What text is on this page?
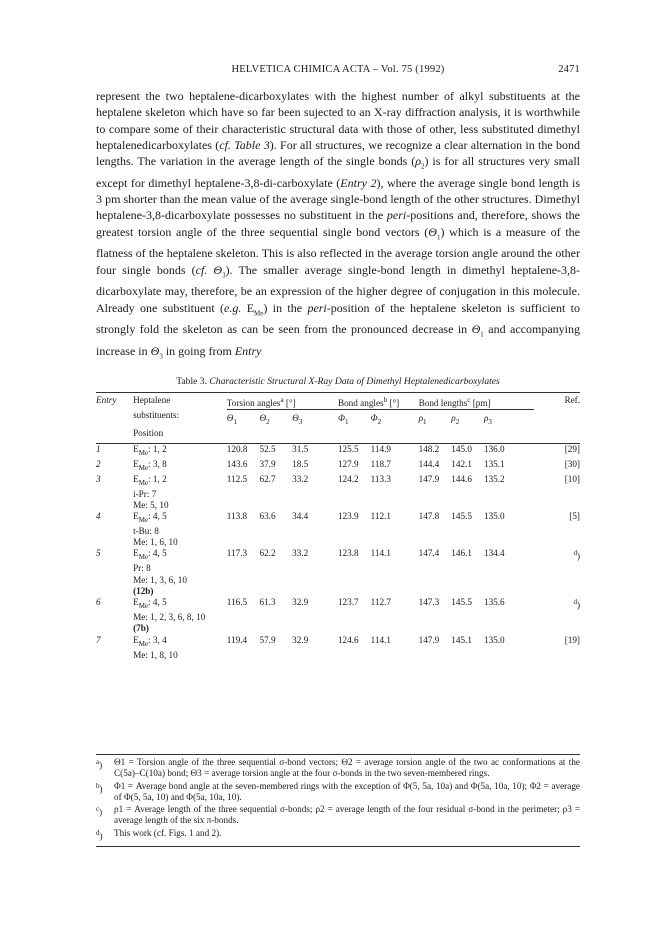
HELVETICA CHIMICA ACTA – Vol. 75 (1992)	2471
represent the two heptalene-dicarboxylates with the highest number of alkyl substituents at the heptalene skeleton which have so far been sujected to an X-ray diffraction analysis, it is worthwhile to compare some of their characteristic structural data with those of other, less substituted dimethyl heptalenedicarboxylates (cf. Table 3). For all structures, we recognize a clear alternation in the bond lengths. The variation in the average length of the single bonds $(\rho_2)$ is for all structures very small except for dimethyl heptalene-3,8-di-carboxylate (Entry 2), where the average single bond length is 3 pm shorter than the mean value of the average single-bond length of the other structures. Dimethyl heptalene-3,8-dicarboxylate possesses no substituent in the peri-positions and, therefore, shows the greatest torsion angle of the three sequential single bond vectors $(\Theta_1)$ which is a measure of the flatness of the heptalene skeleton. This is also reflected in the average torsion angle around the other four single bonds (cf. $\Theta_3$). The smaller average single-bond length in dimethyl heptalene-3,8-dicarboxylate may, therefore, be an expression of the higher degree of conjugation in this molecule. Already one substituent (e.g. $E_{Me}$) in the peri-position of the heptalene skeleton is sufficient to strongly fold the skeleton as can be seen from the pronounced decrease in $\Theta_1$ and accompanying increase in $\Theta_3$ in going from Entry
Table 3. Characteristic Structural X-Ray Data of Dimethyl Heptalenedicarboxylates
Entry	Heptalene	Torsion angles$^a$ [°]			Bond angles$^b$ [°]		Bond lengths$^c$ [pm]			Ref.
	substituents:	$\Theta_1$	$\Theta_2$	$\Theta_3$	$\Phi_1$	$\Phi_2$	$\rho_1$	$\rho_2$	$\rho_3$	
	Position									
1	$E_{Me}$: 1, 2	120.8	52.5	31.5	125.5	114.9	148.2	145.0	136.0	[29]
2	$E_{Me}$: 3, 8	143.6	37.9	18.5	127.9	118.7	144.4	142.1	135.1	[30]
3	$E_{Me}$: 1, 2
i-Pr: 7
Me: 5, 10	112.5	62.7	33.2	124.2	113.3	147.9	144.6	135.2	[10]
4	$E_{Me}$: 4, 5
t-Bu: 8
Me: 1, 6, 10	113.8	63.6	34.4	123.9	112.1	147.8	145.5	135.0	[5]
5	$E_{Me}$: 4, 5
Pr: 8
Me: 1, 3, 6, 10
(12b)	117.3	62.2	33.2	123.8	114.1	147.4	146.1	134.4	$^d$)
6	$E_{Me}$: 4, 5
Me: 1, 2, 3, 6, 8, 10
(7b)	116.5	61.3	32.9	123.7	112.7	147.3	145.5	135.6	$^d$)
7	$E_{Me}$: 3, 4
Me: 1, 8, 10	119.4	57.9	32.9	124.6	114.1	147.9	145.1	135.0	[19]
$^a$)	Θ1 = Torsion angle of the three sequential σ-bond vectors; Θ2 = average torsion angle of the two ac conformations at the C(5a)–C(10a) bond; Θ3 = average torsion angle at the four σ-bonds in the two seven-membered rings.
$^b$)	Φ1 = Average bond angle at the seven-membered rings with the exception of Φ(5, 5a, 10a) and Φ(5a, 10a, 10); Φ2 = average of Φ(5, 5a, 10) and Φ(5a, 10a, 10).
$^c$)	ρ1 = Average length of the three sequential σ-bonds; ρ2 = average length of the four residual σ-bond in the perimeter; ρ3 = average length of the six π-bonds.
$^d$)	This work (cf. Figs. 1 and 2).
